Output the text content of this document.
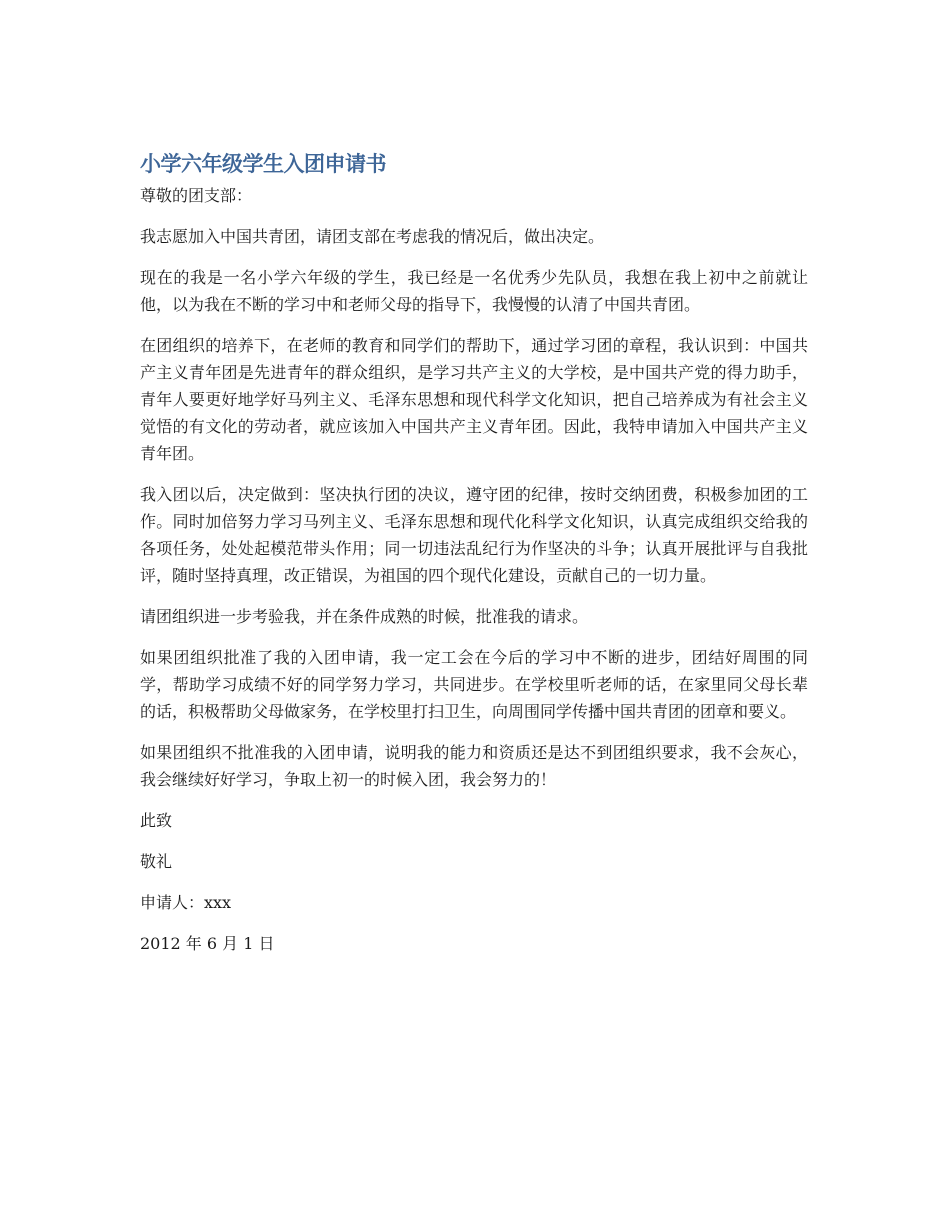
小学六年级学生入团申请书

尊敬的团支部：

我志愿加入中国共青团，请团支部在考虑我的情况后，做出决定。

现在的我是一名小学六年级的学生，我已经是一名优秀少先队员，我想在我上初中之前就让他，以为我在不断的学习中和老师父母的指导下，我慢慢的认清了中国共青团。

在团组织的培养下，在老师的教育和同学们的帮助下，通过学习团的章程，我认识到：中国共产主义青年团是先进青年的群众组织，是学习共产主义的大学校，是中国共产党的得力助手，青年人要更好地学好马列主义、毛泽东思想和现代科学文化知识，把自己培养成为有社会主义觉悟的有文化的劳动者，就应该加入中国共产主义青年团。因此，我特申请加入中国共产主义青年团。

我入团以后，决定做到：坚决执行团的决议，遵守团的纪律，按时交纳团费，积极参加团的工作。同时加倍努力学习马列主义、毛泽东思想和现代化科学文化知识，认真完成组织交给我的各项任务，处处起模范带头作用；同一切违法乱纪行为作坚决的斗争；认真开展批评与自我批评，随时坚持真理，改正错误，为祖国的四个现代化建设，贡献自己的一切力量。

请团组织进一步考验我，并在条件成熟的时候，批准我的请求。

如果团组织批准了我的入团申请，我一定工会在今后的学习中不断的进步，团结好周围的同学，帮助学习成绩不好的同学努力学习，共同进步。在学校里听老师的话，在家里同父母长辈的话，积极帮助父母做家务，在学校里打扫卫生，向周围同学传播中国共青团的团章和要义。

如果团组织不批准我的入团申请，说明我的能力和资质还是达不到团组织要求，我不会灰心，我会继续好好学习，争取上初一的时候入团，我会努力的！

此致

敬礼

申请人：xxx

2012 年 6 月 1 日
